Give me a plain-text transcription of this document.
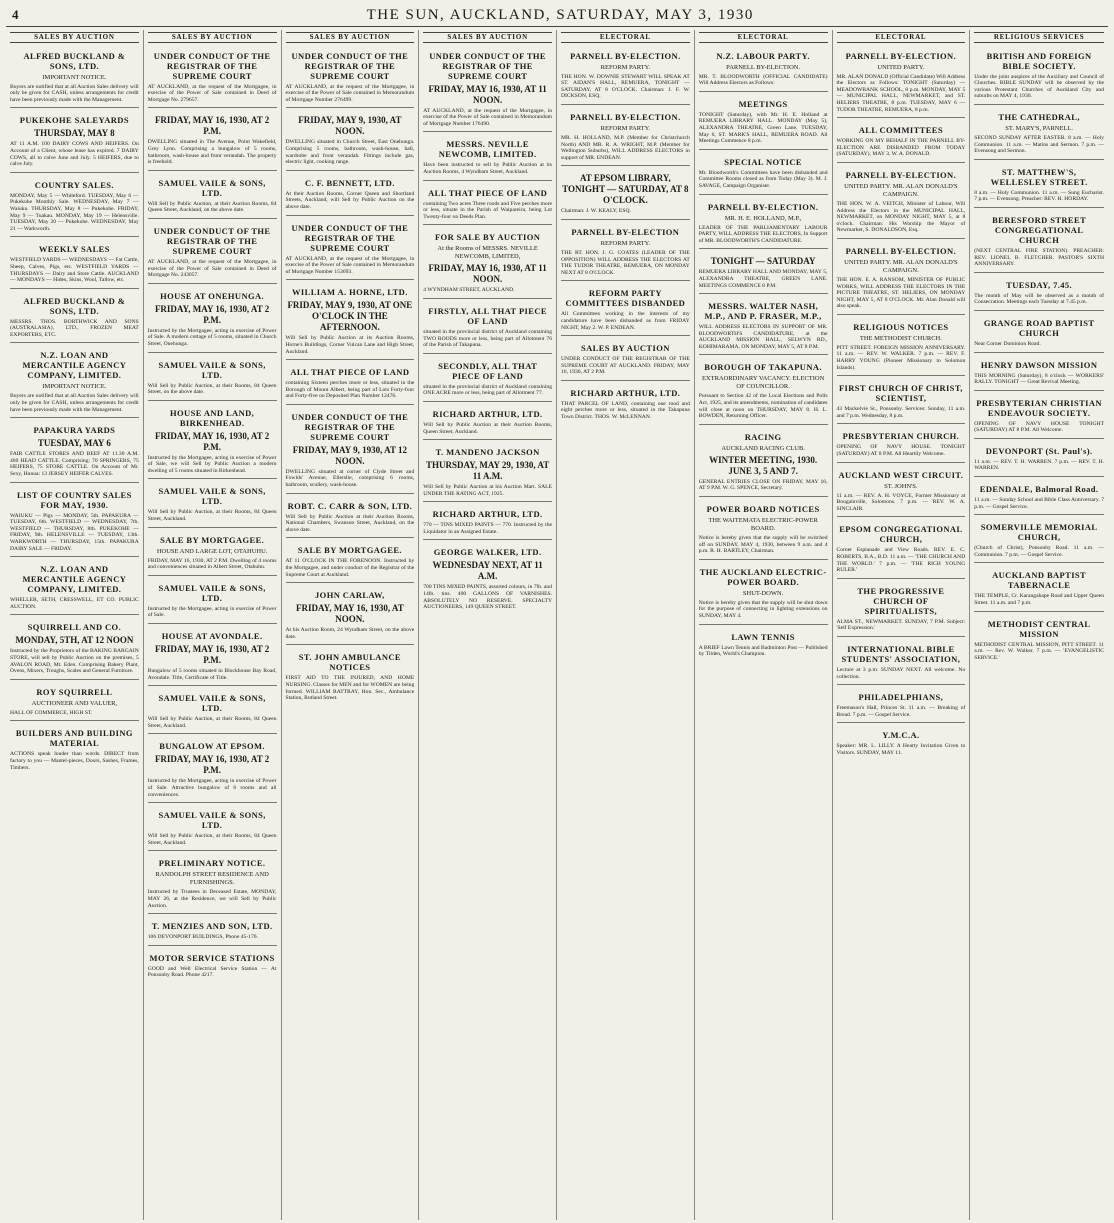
4	THE SUN, AUCKLAND, SATURDAY, MAY 3, 1930
SALES BY AUCTION
ALFRED BUCKLAND & SONS, LTD.
IMPORTANT NOTICE.
Buyers are notified that at all Auction Sales delivery will only be given for CASH, unless arrangements for credit have been previously made with the Management.
PUKEKOHE SALEYARDS
THURSDAY, MAY 8
AT 11 A.M. 100 DAIRY COWS AND HEIFERS. On Account of a Client, whose lease has expired. 7 DAIRY COWS, all to calve June and July. 5 HEIFERS, due to calve July.
COUNTRY SALES.
MONDAY, May 5 — Whiteford. TUESDAY, May 6 — Pukekohe Monthly Sale. WEDNESDAY, May 7 — Waiuku. THURSDAY, May 8 — Pukekohe. FRIDAY, May 9 — Tuakau. MONDAY, May 19 — Helensville. TUESDAY, May 20 — Pukekohe. WEDNESDAY, May 21 — Warkworth.
WEEKLY SALES
WESTFIELD YARDS — WEDNESDAYS — Fat Cattle, Sheep, Calves, Pigs, etc. WESTFIELD YARDS — THURSDAYS — Dairy and Store Cattle. AUCKLAND — MONDAYS — Hides, Skins, Wool, Tallow, etc.
ALFRED BUCKLAND & SONS, LTD.
MESSRS. THOS. BORTHWICK AND SONS (AUSTRALASIA), LTD., FROZEN MEAT EXPORTERS, ETC.
N.Z. LOAN AND MERCANTILE AGENCY COMPANY, LIMITED.
IMPORTANT NOTICE.
Buyers are notified that at all Auction Sales delivery will only be given for CASH, unless arrangements for credit have been previously made with the Management.
PAPAKURA YARDS
TUESDAY, MAY 6
FAIR CATTLE STORES AND BEEF AT 11.30 A.M. 400 HEAD CATTLE. Comprising: 70 SPRINGERS, 75 HEIFERS, 75 STORE CATTLE. On Account of Mr. Sexy, Hunua: 13 JERSEY HEIFER CALVES.
LIST OF COUNTRY SALES FOR MAY, 1930.
WAIUKU — Pigs — MONDAY, 5th. PAPAKURA — TUESDAY, 6th. WESTFIELD — WEDNESDAY, 7th. WESTFIELD — THURSDAY, 8th. PUKEKOHE — FRIDAY, 9th. HELENSVILLE — TUESDAY, 13th. WARKWORTH — THURSDAY, 15th. PAPAKURA DAIRY SALE — FRIDAY.
N.Z. LOAN AND MERCANTILE AGENCY COMPANY, LIMITED.
WHELLER, SETH, CRESSWELL, ET CO. PUBLIC AUCTION.
SQUIRRELL AND CO.
MONDAY, 5TH, AT 12 NOON
Instructed by the Proprietors of the BAKING BARGAIN STORE, will sell by Public Auction on the premises, 5 AVALON ROAD, Mt. Eden. Comprising Bakery Plant, Ovens, Mixers, Troughs, Scales and General Furniture.
ROY SQUIRRELL
AUCTIONEER AND VALUER,
HALL OF COMMERCE, HIGH ST.
BUILDERS AND BUILDING MATERIAL
ACTIONS speak louder than words. DIRECT from factory to you — Mantel-pieces, Doors, Sashes, Frames, Timbers.
SALES BY AUCTION
UNDER CONDUCT OF THE REGISTRAR OF THE SUPREME COURT
AT AUCKLAND, at the request of the Mortgagee, in exercise of the Power of Sale contained in Deed of Mortgage No. 279657.
FRIDAY, MAY 16, 1930, AT 2 P.M.
DWELLING situated in The Avenue, Point Wakefield, Grey Lynn. Comprising a bungalow of 5 rooms, bathroom, wash-house and front verandah. The property is freehold.
SAMUEL VAILE & SONS, LTD.
Will Sell by Public Auction, at their Auction Rooms, 84 Queen Street, Auckland, on the above date.
UNDER CONDUCT OF THE REGISTRAR OF THE SUPREME COURT
AT AUCKLAND, at the request of the Mortgagee, in exercise of the Power of Sale contained in Deed of Mortgage No. 243057.
HOUSE AT ONEHUNGA.
FRIDAY, MAY 16, 1930, AT 2 P.M.
Instructed by the Mortgagee, acting in exercise of Power of Sale. A modern cottage of 5 rooms, situated in Church Street, Onehunga.
SAMUEL VAILE & SONS, LTD.
Will Sell by Public Auction, at their Rooms, 84 Queen Street, on the above date.
HOUSE AND LAND, BIRKENHEAD.
FRIDAY, MAY 16, 1930, AT 2 P.M.
Instructed by the Mortgagee, acting in exercise of Power of Sale, we will Sell by Public Auction a modern dwelling of 5 rooms situated in Birkenhead.
SAMUEL VAILE & SONS, LTD.
Will Sell by Public Auction, at their Rooms, 84 Queen Street, Auckland.
SALE BY MORTGAGEE.
HOUSE AND LARGE LOT, OTAHUHU.
FRIDAY, MAY 16, 1930, AT 2 P.M. Dwelling of 4 rooms and conveniences situated in Albert Street, Otahuhu.
SAMUEL VAILE & SONS, LTD.
Instructed by the Mortgagee, acting in exercise of Power of Sale.
HOUSE AT AVONDALE.
FRIDAY, MAY 16, 1930, AT 2 P.M.
Bungalow of 5 rooms situated in Blockhouse Bay Road, Avondale. Title, Certificate of Title.
SAMUEL VAILE & SONS, LTD.
Will Sell by Public Auction, at their Rooms, 84 Queen Street, Auckland.
BUNGALOW AT EPSOM.
FRIDAY, MAY 16, 1930, AT 2 P.M.
Instructed by the Mortgagee, acting in exercise of Power of Sale. Attractive bungalow of 6 rooms and all conveniences.
SAMUEL VAILE & SONS, LTD.
Will Sell by Public Auction, at their Rooms, 84 Queen Street, Auckland.
PRELIMINARY NOTICE.
RANDOLPH STREET RESIDENCE AND FURNISHINGS.
Instructed by Trustees in Deceased Estate, MONDAY, MAY 26, at the Residence, we will Sell by Public Auction.
T. MENZIES AND SON, LTD.
106 DEVONPORT BUILDINGS, Phone 45-176.
MOTOR SERVICE STATIONS
GOOD and Well Electrical Service Station — At Ponsonby Road. Phone 4217.
SALES BY AUCTION
UNDER CONDUCT OF THE REGISTRAR OF THE SUPREME COURT
AT AUCKLAND, at the request of the Mortgagee, in exercise of the Power of Sale contained in Memorandum of Mortgage Number 276499.
FRIDAY, MAY 9, 1930, AT NOON.
DWELLING situated in Church Street, East Onehunga. Comprising 5 rooms, bathroom, wash-house, hall, wardrobe and front verandah. Fittings include gas, electric light, cooking range.
C. F. BENNETT, LTD.
At their Auction Rooms, Corner Queen and Shortland Streets, Auckland, will Sell by Public Auction on the above date.
UNDER CONDUCT OF THE REGISTRAR OF THE SUPREME COURT
AT AUCKLAND, at the request of the Mortgagee, in exercise of the Power of Sale contained in Memorandum of Mortgage Number 153693.
WILLIAM A. HORNE, LTD.
FRIDAY, MAY 9, 1930, AT ONE O'CLOCK IN THE AFTERNOON.
Will Sell by Public Auction at its Auction Rooms, Horne's Buildings, Corner Vulcan Lane and High Street, Auckland.
ALL THAT PIECE OF LAND
containing Sixteen perches more or less, situated in the Borough of Mount Albert, being part of Lots Forty-four and Forty-five on Deposited Plan Number 12476.
UNDER CONDUCT OF THE REGISTRAR OF THE SUPREME COURT
FRIDAY, MAY 9, 1930, AT 12 NOON.
DWELLING situated at corner of Clyde Street and Fowlds' Avenue, Ellerslie, comprising 6 rooms, bathroom, scullery, wash-house.
ROBT. C. CARR & SON, LTD.
Will Sell by Public Auction at their Auction Rooms, National Chambers, Swanson Street, Auckland, on the above date.
SALE BY MORTGAGEE.
AT 11 O'CLOCK IN THE FORENOON. Instructed by the Mortgagee, and under conduct of the Registrar of the Supreme Court at Auckland.
JOHN CARLAW,
FRIDAY, MAY 16, 1930, AT NOON.
At his Auction Room, 24 Wyndham Street, on the above date.
ST. JOHN AMBULANCE NOTICES
FIRST AID TO THE INJURED, AND HOME NURSING. Classes for MEN and for WOMEN are being formed. WILLIAM RATTRAY, Hon. Sec., Ambulance Station, Rutland Street.
SALES BY AUCTION
UNDER CONDUCT OF THE REGISTRAR OF THE SUPREME COURT
FRIDAY, MAY 16, 1930, AT 11 NOON.
AT AUCKLAND, at the request of the Mortgagee, in exercise of the Power of Sale contained in Memorandum of Mortgage Number 176490.
MESSRS. NEVILLE NEWCOMB, LIMITED.
Have been instructed to sell by Public Auction at its Auction Rooms, 4 Wyndham Street, Auckland.
ALL THAT PIECE OF LAND
containing Two acres Three roods and Five perches more or less, situate in the Parish of Waipareira, being Lot Twenty-four on Deeds Plan.
FOR SALE BY AUCTION
At the Rooms of MESSRS. NEVILLE NEWCOMB, LIMITED,
FRIDAY, MAY 16, 1930, AT 11 NOON.
4 WYNDHAM STREET, AUCKLAND.
FIRSTLY, ALL THAT PIECE OF LAND
situated in the provincial district of Auckland containing TWO ROODS more or less, being part of Allotment 76 of the Parish of Takapuna.
SECONDLY, ALL THAT PIECE OF LAND
situated in the provincial district of Auckland containing ONE ACRE more or less, being part of Allotment 77.
RICHARD ARTHUR, LTD.
Will Sell by Public Auction at their Auction Rooms, Queen Street, Auckland.
T. MANDENO JACKSON
THURSDAY, MAY 29, 1930, AT 11 A.M.
Will Sell by Public Auction at his Auction Mart. SALE UNDER THE RATING ACT, 1925.
RICHARD ARTHUR, LTD.
770 — TINS MIXED PAINTS — 770. Instructed by the Liquidator in an Assigned Estate.
GEORGE WALKER, LTD.
WEDNESDAY NEXT, AT 11 A.M.
700 TINS MIXED PAINTS, assorted colours, in 7lb. and 14lb. tins. 400 GALLONS OF VARNISHES. ABSOLUTELY NO RESERVE. SPECIALTY AUCTIONEERS, 149 QUEEN STREET.
ELECTORAL
PARNELL BY-ELECTION.
REFORM PARTY.
THE HON. W. DOWNIE STEWART WILL SPEAK AT ST. AIDAN'S HALL, REMUERA, TONIGHT — SATURDAY, AT 8 O'CLOCK. Chairman: J. F. W. DICKSON, ESQ.
PARNELL BY-ELECTION.
REFORM PARTY.
MR. H. HOLLAND, M.P. (Member for Christchurch North) AND MR. R. A. WRIGHT, M.P. (Member for Wellington Suburbs), WILL ADDRESS ELECTORS in support of MR. ENDEAN.
AT EPSOM LIBRARY, TONIGHT — SATURDAY, AT 8 O'CLOCK.
Chairman: J. W. KEALY, ESQ.
PARNELL BY-ELECTION
REFORM PARTY.
THE RT. HON. J. G. COATES (LEADER OF THE OPPOSITION) WILL ADDRESS THE ELECTORS AT THE TUDOR THEATRE, REMUERA, ON MONDAY NEXT AT 8 O'CLOCK.
REFORM PARTY COMMITTEES DISBANDED
All Committees working in the interests of my candidature have been disbanded as from FRIDAY NIGHT, May 2. W. P. ENDEAN.
SALES BY AUCTION
UNDER CONDUCT OF THE REGISTRAR OF THE SUPREME COURT AT AUCKLAND. FRIDAY, MAY 16, 1930, AT 2 P.M.
RICHARD ARTHUR, LTD.
THAT PARCEL OF LAND, containing one rood and eight perches more or less, situated in the Takapuna Town District. THOS. W. McLENNAN.
ELECTORAL
N.Z. LABOUR PARTY.
PARNELL BY-ELECTION.
MR. T. BLOODWORTH (OFFICIAL CANDIDATE) Will Address Electors as Follows:
MEETINGS
TONIGHT (Saturday), with Mr. H. E. Holland at REMUERA LIBRARY HALL. MONDAY (May 5), ALEXANDRA THEATRE, Green Lane. TUESDAY, May 6, ST. MARK'S HALL, REMUERA ROAD. All Meetings Commence 8 p.m.
SPECIAL NOTICE
Mr. Bloodworth's Committees have been disbanded and Committee Rooms closed as from Today (May 3). M. J. SAVAGE, Campaign Organiser.
PARNELL BY-ELECTION.
MR. H. E. HOLLAND, M.P.,
LEADER OF THE PARLIAMENTARY LABOUR PARTY, WILL ADDRESS THE ELECTORS, In Support of MR. BLOODWORTH'S CANDIDATURE.
TONIGHT — SATURDAY
REMUERA LIBRARY HALL AND MONDAY, MAY 5, ALEXANDRA THEATRE, GREEN LANE. MEETINGS COMMENCE 8 P.M.
MESSRS. WALTER NASH, M.P., AND P. FRASER, M.P.,
WILL ADDRESS ELECTORS IN SUPPORT OF MR. BLOODWORTH'S CANDIDATURE, at the AUCKLAND MISSION HALL, SELWYN RD., KOHIMARAMA, ON MONDAY, MAY 5, AT 8 P.M.
BOROUGH OF TAKAPUNA.
EXTRAORDINARY VACANCY. ELECTION OF COUNCILLOR.
Pursuant to Section 42 of the Local Elections and Polls Act, 1925, and its amendments, nomination of candidates will close at noon on THURSDAY, MAY 8. H. L. BOWDEN, Returning Officer.
RACING
AUCKLAND RACING CLUB.
WINTER MEETING, 1930. JUNE 3, 5 AND 7.
GENERAL ENTRIES CLOSE ON FRIDAY, MAY 16, AT 9 P.M. W. G. SPENCE, Secretary.
POWER BOARD NOTICES
THE WAITEMATA ELECTRIC-POWER BOARD.
Notice is hereby given that the supply will be switched off on SUNDAY, MAY 4, 1930, between 9 a.m. and 4 p.m. R. H. BARTLEY, Chairman.
THE AUCKLAND ELECTRIC-POWER BOARD.
SHUT-DOWN.
Notice is hereby given that the supply will be shut down for the purpose of connecting in lighting extensions on SUNDAY, MAY 4.
LAWN TENNIS
A BRIEF Lawn Tennis and Badminton Post — Published by Tilden, World's Champion.
ELECTORAL
PARNELL BY-ELECTION.
UNITED PARTY.
MR. ALAN DONALD (Official Candidate) Will Address the Electors as Follows: TONIGHT (Saturday) — MEADOWBANK SCHOOL, 8 p.m. MONDAY, MAY 5 — MUNICIPAL HALL, NEWMARKET, and ST. HELIERS THEATRE, 8 p.m. TUESDAY, MAY 6 — TUDOR THEATRE, REMUERA, 8 p.m.
ALL COMMITTEES
WORKING ON MY BEHALF IN THE PARNELL BY-ELECTION ARE DISBANDED FROM TODAY (SATURDAY), MAY 3. W. A. DONALD.
PARNELL BY-ELECTION.
UNITED PARTY. MR. ALAN DONALD'S CAMPAIGN.
THE HON. W. A. VEITCH, Minister of Labour, Will Address the Electors in the MUNICIPAL HALL, NEWMARKET, on MONDAY NIGHT, MAY 5, at 8 o'clock. Chairman: His Worship the Mayor of Newmarket, S. DONALDSON, Esq.
PARNELL BY-ELECTION.
UNITED PARTY. MR. ALAN DONALD'S CAMPAIGN.
THE HON. E. A. RANSOM, MINISTER OF PUBLIC WORKS, WILL ADDRESS THE ELECTORS IN THE PICTURE THEATRE, ST. HELIERS, ON MONDAY NIGHT, MAY 5, AT 8 O'CLOCK. Mr. Alan Donald will also speak.
RELIGIOUS NOTICES
THE METHODIST CHURCH.
PITT STREET. FOREIGN MISSION ANNIVERSARY. 11 a.m. — REV. W. WALKER. 7 p.m. — REV. F. HARRY YOUNG (Pioneer Missionary to Solomon Islands).
FIRST CHURCH OF CHRIST, SCIENTIST,
43 Mackelvie St., Ponsonby. Services: Sunday, 11 a.m. and 7 p.m. Wednesday, 8 p.m.
PRESBYTERIAN CHURCH.
OPENING OF NAVY HOUSE. TONIGHT (SATURDAY) AT 8 P.M. All Heartily Welcome.
AUCKLAND WEST CIRCUIT.
ST. JOHN'S.
11 a.m. — REV. A. H. VOYCE, Former Missionary at Bougainville, Solomons. 7 p.m. — REV. W. A. SINCLAIR.
EPSOM CONGREGATIONAL CHURCH,
Corner Esplanade and View Roads. REV. E. C. ROBERTS, B.A., B.D. 11 a.m. — 'THE CHURCH AND THE WORLD.' 7 p.m. — 'THE RICH YOUNG RULER.'
THE PROGRESSIVE CHURCH OF SPIRITUALISTS,
ALMA ST., NEWMARKET. SUNDAY, 7 P.M. Subject: 'Self Expression.'
INTERNATIONAL BIBLE STUDENTS' ASSOCIATION,
Lecture at 3 p.m. SUNDAY NEXT. All welcome. No collection.
PHILADELPHIANS,
Freemason's Hall, Princes St. 11 a.m. — Breaking of Bread. 7 p.m. — Gospel Service.
Y.M.C.A.
Speaker: MR. L. LILLY. A Hearty Invitation Given to Visitors. SUNDAY, MAY 11.
RELIGIOUS SERVICES
BRITISH AND FOREIGN BIBLE SOCIETY.
Under the joint auspices of the Auxiliary and Council of Churches. BIBLE SUNDAY will be observed by the various Protestant Churches of Auckland City and suburbs on MAY 4, 1930.
THE CATHEDRAL,
ST. MARY'S, PARNELL.
SECOND SUNDAY AFTER EASTER. 8 a.m. — Holy Communion. 11 a.m. — Matins and Sermon. 7 p.m. — Evensong and Sermon.
ST. MATTHEW'S, WELLESLEY STREET.
8 a.m. — Holy Communion. 11 a.m. — Sung Eucharist. 7 p.m. — Evensong. Preacher: REV. H. HORDAY.
BERESFORD STREET CONGREGATIONAL CHURCH
(NEXT CENTRAL FIRE STATION). PREACHER: REV. LIONEL B. FLETCHER. PASTOR'S SIXTH ANNIVERSARY.
TUESDAY, 7.45.
The month of May will be observed as a month of Consecration. Meetings each Tuesday at 7.45 p.m.
GRANGE ROAD BAPTIST CHURCH
Near Corner Dominion Road.
HENRY DAWSON MISSION
THIS MORNING (Saturday), 8 o'clock — WORKERS' RALLY. TONIGHT — Great Revival Meeting.
PRESBYTERIAN CHRISTIAN ENDEAVOUR SOCIETY.
OPENING OF NAVY HOUSE TONIGHT (SATURDAY) AT 8 P.M. All Welcome.
DEVONPORT (St. Paul's).
11 a.m. — REV. T. H. WARREN. 7 p.m. — REV. T. H. WARREN.
EDENDALE, Balmoral Road.
11 a.m. — Sunday School and Bible Class Anniversary. 7 p.m. — Gospel Service.
SOMERVILLE MEMORIAL CHURCH,
(Church of Christ), Ponsonby Road. 11 a.m. — Communion. 7 p.m. — Gospel Service.
AUCKLAND BAPTIST TABERNACLE
THE TEMPLE, Cr. Karangahape Road and Upper Queen Street. 11 a.m. and 7 p.m.
METHODIST CENTRAL MISSION
METHODIST CENTRAL MISSION, PITT STREET. 11 a.m. — Rev. W. Walker. 7 p.m. — 'EVANGELISTIC SERVICE.'
